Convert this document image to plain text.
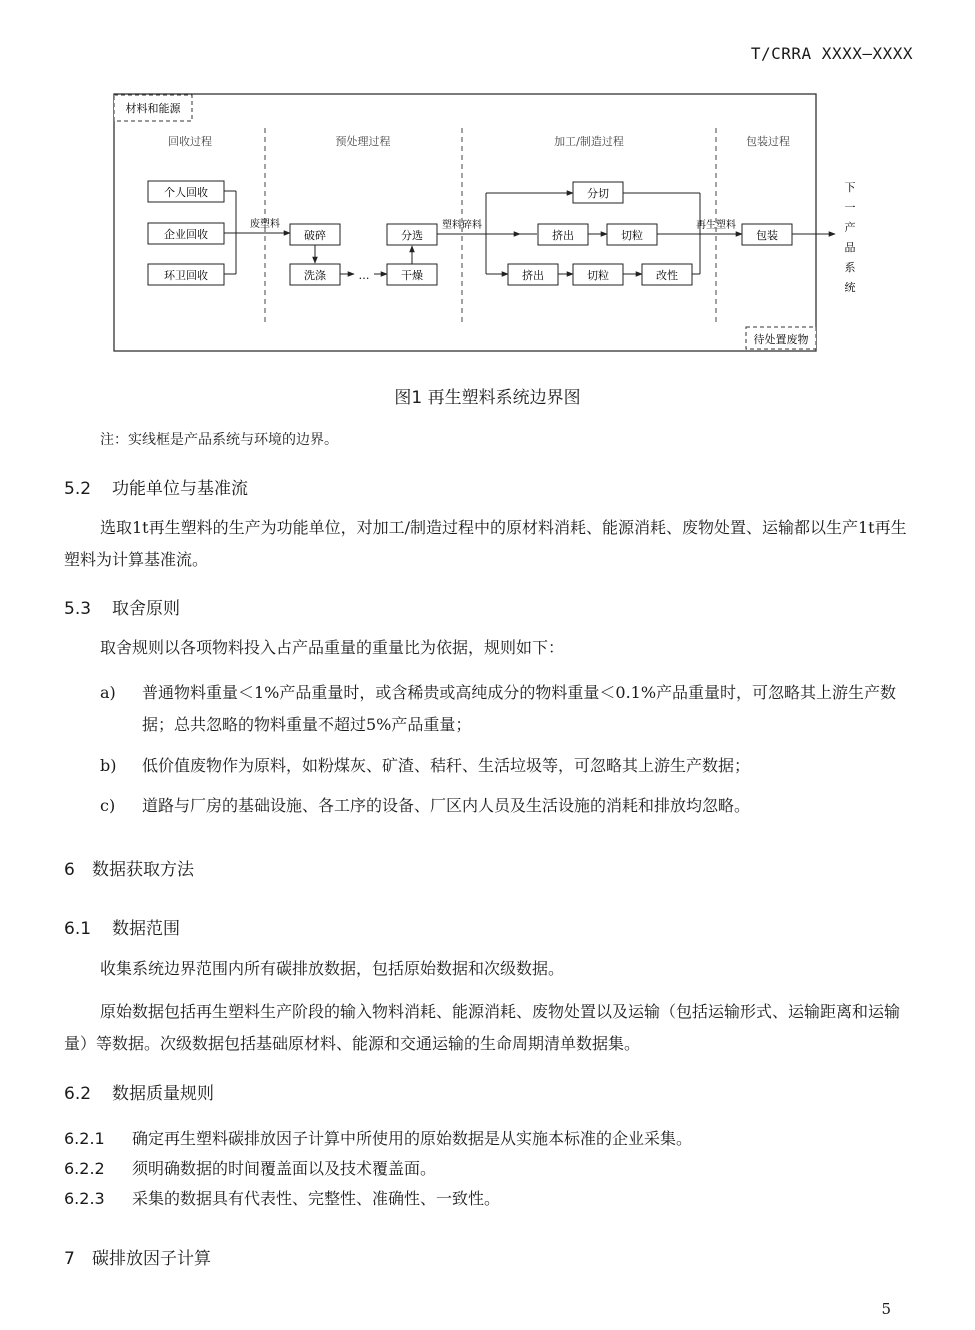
T/CRRA XXXX—XXXX
材料和能源
回收过程	预处理过程	加工/制造过程	包装过程
个人回收
企业回收
环卫回收
废塑料
破碎
洗涤	…	干燥
分选
塑料碎料
分切
挤出	切粒
挤出	切粒	改性
再生塑料
包装
下
一
产
品
系
统
待处置废物
图1 再生塑料系统边界图
注：实线框是产品系统与环境的边界。
5.2 功能单位与基准流
选取1t再生塑料的生产为功能单位，对加工/制造过程中的原材料消耗、能源消耗、废物处置、运输都以生产1t再生塑料为计算基准流。
5.3 取舍原则
取舍规则以各项物料投入占产品重量的重量比为依据，规则如下：
a) 普通物料重量＜1%产品重量时，或含稀贵或高纯成分的物料重量＜0.1%产品重量时，可忽略其上游生产数据；总共忽略的物料重量不超过5%产品重量；
b) 低价值废物作为原料，如粉煤灰、矿渣、秸秆、生活垃圾等，可忽略其上游生产数据；
c) 道路与厂房的基础设施、各工序的设备、厂区内人员及生活设施的消耗和排放均忽略。
6 数据获取方法
6.1 数据范围
收集系统边界范围内所有碳排放数据，包括原始数据和次级数据。
原始数据包括再生塑料生产阶段的输入物料消耗、能源消耗、废物处置以及运输（包括运输形式、运输距离和运输量）等数据。次级数据包括基础原材料、能源和交通运输的生命周期清单数据集。
6.2 数据质量规则
6.2.1 确定再生塑料碳排放因子计算中所使用的原始数据是从实施本标准的企业采集。
6.2.2 须明确数据的时间覆盖面以及技术覆盖面。
6.2.3 采集的数据具有代表性、完整性、准确性、一致性。
7 碳排放因子计算
5
